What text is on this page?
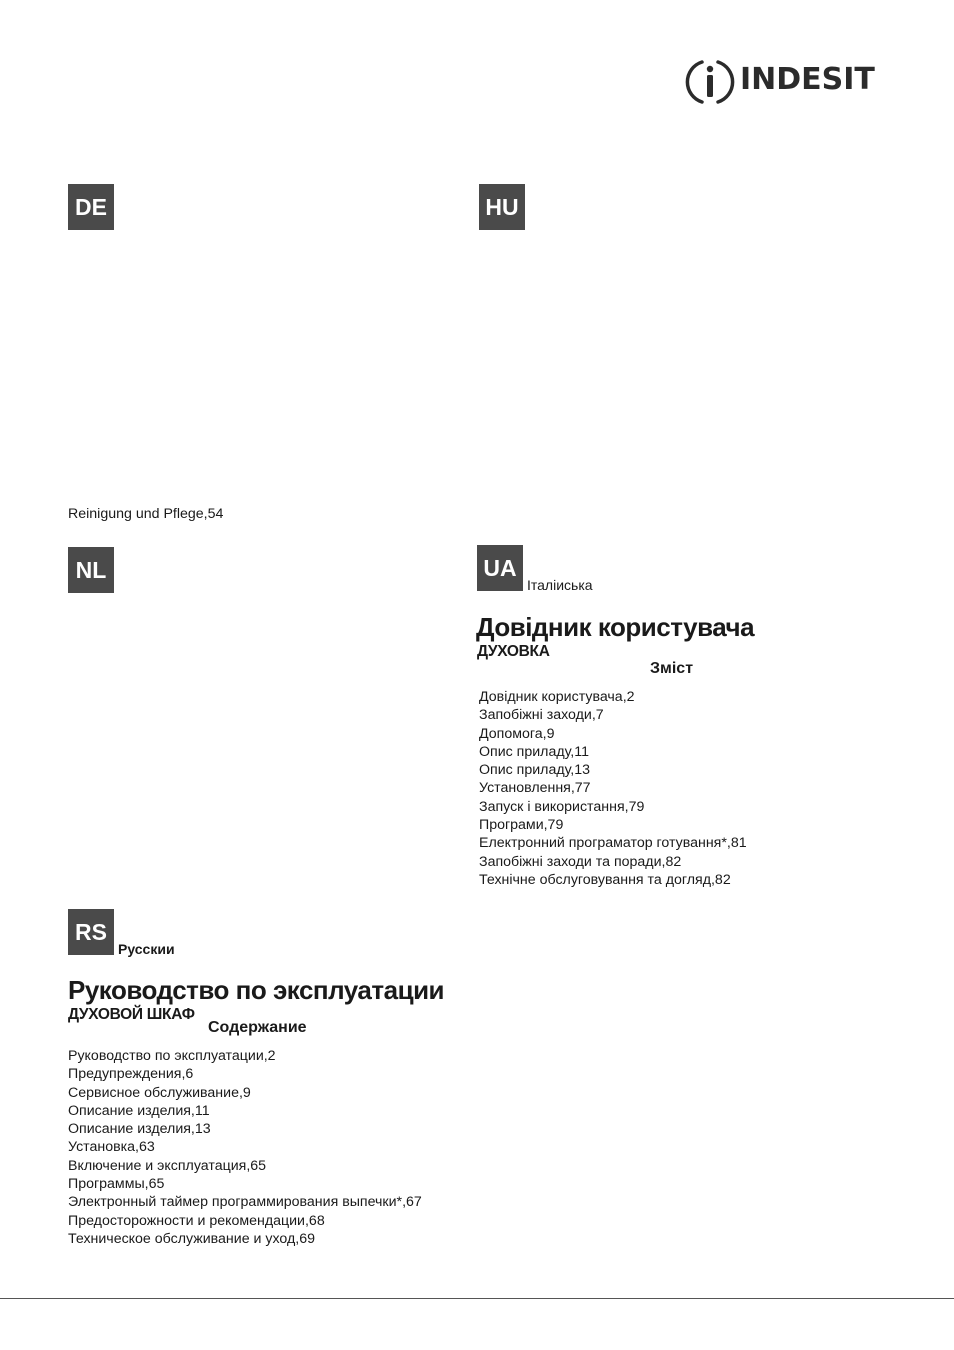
INDESIT
DE
Reinigung und Pflege,54
HU
NL	UA
Італіиська
Довідник користувача
ДУХОВКА
Зміст
Довідник користувача,2
Запобіжні заходи,7
Допомога,9
Опис приладу,11
Опис приладу,13
Установлення,77
Запуск і використання,79
Програми,79
Електронний програматор готування*,81
Запобіжні заходи та поради,82
Технічне обслуговування та догляд,82
RS
Русскии
Руководство по эксплуатации
ДУХОВОЙ ШКАФ
Содержание
Руководство по эксплуатации,2
Предупреждения,6
Сервисное обслуживание,9
Описание изделия,11
Описание изделия,13
Установка,63
Включение и эксплуатация,65
Программы,65
Электронный таймер программирования выпечки*,67
Предосторожности и рекомендации,68
Техническое обслуживание и уход,69
